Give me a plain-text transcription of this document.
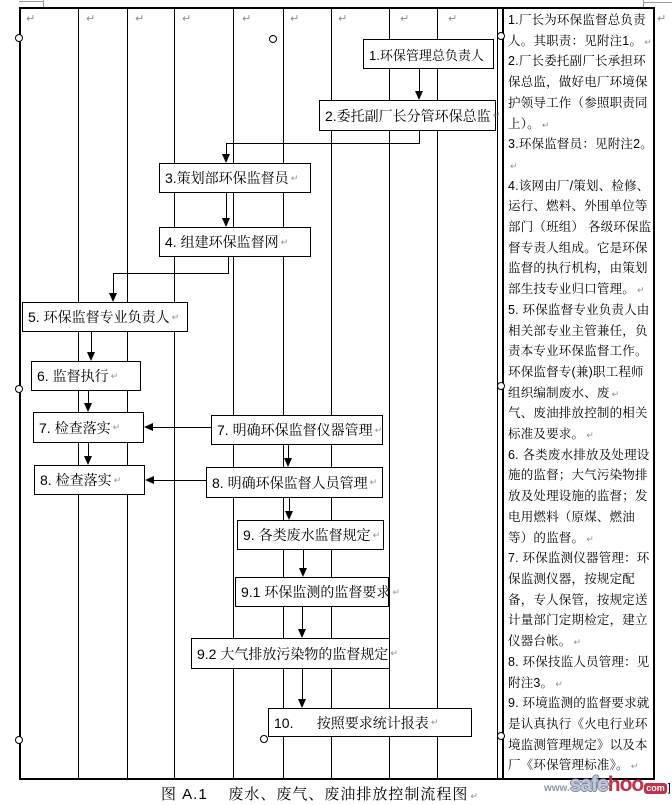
↵	↵	↵	↵	↵	↵	↵	↵	↵	↵
1.环保管理总负责人
2.委托副厂长分管环保总监 ↵
3.策划部环保监督员 ↵
4. 组建环保监督网 ↵
5. 环保监督专业负责人 ↵
6. 监督执行 ↵
7. 检查落实 ↵	7. 明确环保监督仪器管理 ↵
8. 检查落实 ↵	8. 明确环保监督人员管理 ↵
9. 各类废水监督规定 ↵
9.1 环保监测的监督要求 ↵
9.2 大气排放污染物的监督规定 ↵
10.      按照要求统计报表 ↵

1.厂长为环保监督总负责人。其职责：见附注1。 ↵

2.厂长委托副厂长承担环保总监，做好电厂环境保护领导工作（参照职责同上）。 ↵

3.环保监督员：见附注2。↵

4.该网由厂/策划、检修、运行、燃料、外围单位等部门（班组） 各级环保监督专责人组成。它是环保监督的执行机构，由策划部生技专业归口管理。 ↵

5. 环保监督专业负责人由相关部专业主管兼任，负责本专业环保监督工作。环保监督专(兼)职工程师组织编制废水、废 ↵

气、废油排放控制的相关标准及要求。 ↵

6. 各类废水排放及处理设施的监督；大气污染物排放及处理设施的监督；发电用燃料（原煤、燃油等）的监督。 ↵

7. 环保监测仪器管理：环保监测仪器，按规定配备，专人保管，按规定送计量部门定期检定，建立仪器台帐。 ↵

8. 环保技监人员管理：见附注3。 ↵

9. 环境监测的监督要求就是认真执行《火电行业环境监测管理规定》以及本厂《环保管理标准》。 ↵

图 A.1    废水、废气、废油排放控制流程图 ↵
www. safe hoo com ]
